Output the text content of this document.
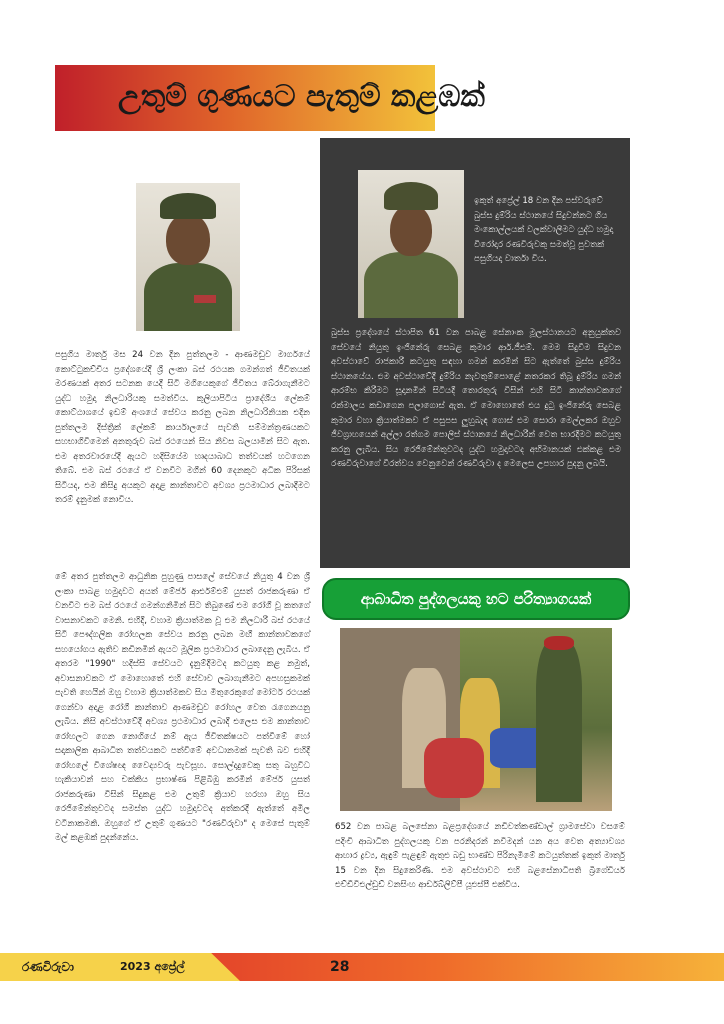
උතුම් ගුණයට පැතුම් කළඹක්
ඉකුත් අප්‍රේල් 18 වන දින පස්වරුවේ බුස්ස දුම්රිය ස්ථානයේ සිදුවන්නට ගිය මංකොල්ලයක් වලක්වාලීමට යුද්ධ හමුදා විරෝදාර රණවිරුවකු සමත්වූ පුවතක් පසුගියදා වාර්තා විය.
බුස්ස ප්‍රදේශයේ ස්ථාපිත 61 වන පාබළ සේනාංක මූලස්ථානයට අනුයුක්තව සේවයේ නියුතු ඉංජිනේරු සෙබළ කුමාර ආර්.ජීඑම්. මෙම සිදුවීම සිදුවන අවස්ථාවේ රාජකාරී කටයුතු සඳහා ගමන් කරමින් සිට ඇත්තේ බුස්ස දුම්රිය ස්ථානයේය. එම අවස්ථාවේදී දුම්රිය නැවතුම්පොළේ නතරකර තිබූ දුම්රිය ගමන් ආරම්භ කිරීමට සූදානමින් සිටියදී තොරතුරු විසින් එහි සිටි කාන්තාවකගේ රන්මාලය කඩාගෙන පලාගොස් ඇත. ඒ මොහොතේ එය දුටු ඉංජිනේරු සෙබළ කුමාර වහා ක්‍රියාත්මකව ඒ පසුපස ලුහුබැඳ ගොස් එම සොරා මෙල්ලකර ඔහුව ජීවග්‍රාහයෙන් අල්ලා රත්ගම පොලිස් ස්ථානයේ නිලධාරීන් වෙත භාරදීමට කටයුතු කරනු ලැබීය. සිය රෙජිමේන්තුවටද යුද්ධ හමුදාවටද අභිමානයක් එක්කළ එම රණවිරුවාගේ වීරත්වය වෙනුවෙන් රණවිරුවා ද මෙලෙස උපහාර පුදනු ලබයි.
පසුගිය මාර්තු මස 24 වන දින පුත්තලම - ආණමඩුව මාර්ගයේ කොට්ටුකච්චිය ප්‍රදේශයේදී ශ්‍රී ලංකා බස් රථයක ගමන්ගත් ජීවිතයක් මරණයක් අතර සටනක යෙදී සිටි මගියෙකුගේ ජීවිතය බේරාගැනීමට යුද්ධ හමුදා නිලධාරියකු සමත්විය. කුලියාපිටිය ප්‍රාදේශීය ලේකම් කොට්ඨාශයේ ඉඩම් අංශයේ සේවය කරනු ලබන නිලධාරිනියක එදින පුත්තලම දිස්ත්‍රික් ලේකම් කාර්යාලයේ පැවති සම්මන්ත්‍රණයකට සහභාගිවීමෙන් අනතුරුව බස් රථයෙන් සිය නිවස බලයාමින් සිට ඇත. එම අතරවාරයේදී ඇයට හදිසියේම හෘදයාබාධ තත්වයක් හටගෙන තිබේ. එම බස් රථයේ ඒ වනවිට මගීන් 60 දෙනකුට අධික පිරිසක් සිටියද, එම කිසිදු අයකුට අදාළ කාන්තාවට අවශ්‍ය ප්‍රථමාධාර ලබාදීමට තරම් දැනුමක් නොවිය.
මේ අතර පුත්තලම ආධුනික පුහුණු පාසලේ සේවයේ නියුතු 4 වන ශ්‍රී ලංකා පාබළ හමුදාවට අයත් මේජර් ආර්එම්එම් යුසත් රාජකරුණා ඒ වනවිට එම බස් රථයේ ගමන්ගනිමින් සිට තිබුණේ එම රෝගී වූ කතගේ වාසනාවකට මෙනි. එහිදී, වහාම ක්‍රියාත්මක වූ එම නිලධාරී බස් රථයේ සිටි පෞද්ගලික රෝහලක සේවය කරනු ලබන මඟී කාන්තාවකගේ සහයෝගය ඇතිව කඩිනමින් ඇයට මූලික ප්‍රථමාධාර ලබාදෙනු ලැබීය. ඒ අතරම "1990" හදිස්සි සේවයට දැනුම්දීමටද කටයුතු කළ නමුත්, අවාසනාවකට ඒ මොහොතේ එහි සේවාව ලබාගැනීමට අපහසුකමක් පැවති හෙයින් ඔහු වහාම ක්‍රියාත්මකව සිය මිතුරෙකුගේ මෝටර් රථයක් ගෙන්වා අදාළ රෝගී කාන්තාව ආණමඩුව රෝහල වෙත රැගෙනයනු ලැබීය. නිසි අවස්ථාවේදී අවශ්‍ය ප්‍රථමාධාර ලබාදී එලෙස එම කාන්තාව රෝහලට ගෙන නොගියේ නම් ඇය ජීවිතක්ෂයට පත්වීමේ හෝ සදාකාලික ආබාධිත තත්වයකට පත්වීමේ අවධානමක් පැවති බව එහිදී රෝහලේ විශේෂඥ වෛද්‍යවරු පැවසූහ. සොල්දාදුවෙකු සතු බහුවිධ හැකියාවන් සහ චක්කිය ප්‍රභාෂ්ණ පිළිබිඹු කරමින් මේජර් යුසත් රාජකරුණා විසින් සිදුකළ එම උතුම් ක්‍රියාව හරහා ඔහු සිය රෙජිමේන්තුවටද සමස්ත යුද්ධ හමුදාවටද අත්කරදී ඇත්තේ අමිල වටිනාකමකි. ඔහුගේ ඒ උතුම් ගුණයට "රණවිරුවා" ද මෙසේ පැතුම් මල් කළඹක් පුදන්නේය.
ආබාධිත පුද්ගලයකු හට පරිත්‍යාගයක්
652 වන පාබළ බලසේනා බළප්‍රදේශයේ නඩිවත්කණ්ඩාල් ග්‍රාමසේවා වසමේ පදිංචි ආබාධිත පුද්ගලයකු වන පරනිදරන් නවිමදන් යන අය වෙත අත්‍යාවශ්‍ය ආහාර ද්‍රව්‍ය, ඇඳුම් පැළඳුම් ඇතුළු බඩු භාණ්ඩ පිරිනැමීමේ කටයුත්තක් ඉකුත් මාර්තු 15 වන දින සිදුකෙරිණි. එම අවස්ථාවට එහි බළසේනාධිපති බ්‍රිගේඩියර් එච්ඩීවිඑල්ඩුඩ් වනසිංහ ආර්ඩබ්ලිව්පී යූඑස්පී එක්විය.
රණවිරුවා	2023 අප්‍රේල්	28
